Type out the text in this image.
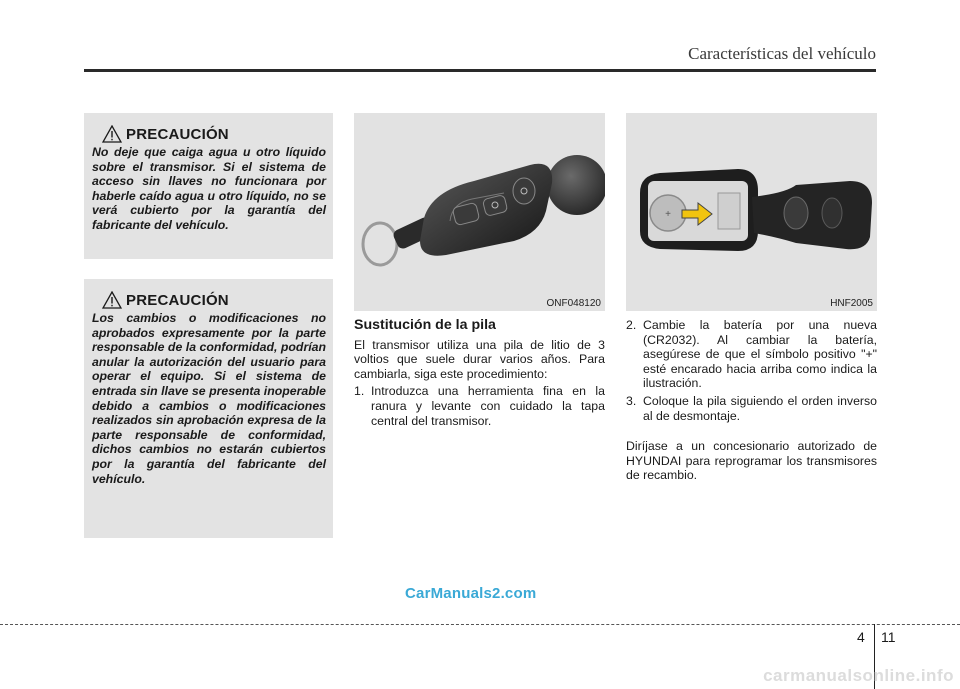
Características del vehículo
PRECAUCIÓN

No deje que caiga agua u otro líquido sobre el transmisor. Si el sistema de acceso sin llaves no funcionara por haberle caído agua u otro líquido, no se verá cubierto por la garantía del fabricante del vehículo.

PRECAUCIÓN

Los cambios o modificaciones no aprobados expresamente por la parte responsable de la conformidad, podrían anular la autorización del usuario para operar el equipo. Si el sistema de entrada sin llave se presenta inoperable debido a cambios o modificaciones realizados sin aprobación expresa de la parte responsable de conformidad, dichos cambios no estarán cubiertos por la garantía del fabricante del vehículo.

ONF048120
+
HNF2005
Sustitución de la pila

El transmisor utiliza una pila de litio de 3 voltios que suele durar varios años. Para cambiarla, siga este procedimiento:

1. Introduzca una herramienta fina en la ranura y levante con cuidado la tapa central del transmisor.
2. Cambie la batería por una nueva (CR2032). Al cambiar la batería, asegúrese de que el símbolo positivo "+" esté encarado hacia arriba como indica la ilustración.
3. Coloque la pila siguiendo el orden inverso al de desmontaje.

Diríjase a un concesionario autorizado de HYUNDAI para reprogramar los transmisores de recambio.

CarManuals2.com
4 11
carmanualsonline.info
